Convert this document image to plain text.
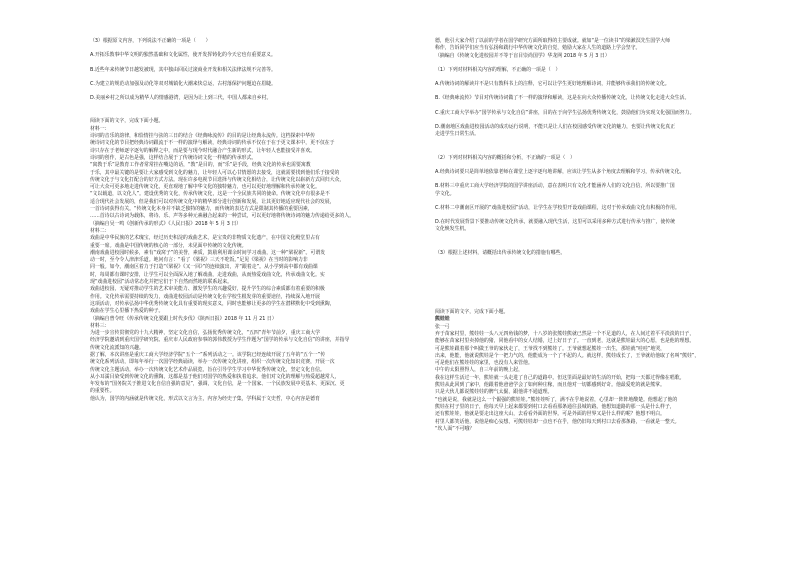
（3）根据原文内容，下列说法不正确的一项是（　　）
A.开拓乐教事中华文明的独然基础和文化属性，使开发挥铸化的今天它也有重要意义。
B.近些年来传统节日越发被现，其中独由回民过滚商业开发和相关法律法规不完善等。
C.为建立的规范动加强及动化等双对城镇化大潮来快总运，古村落保护问题迫在眉睫。
D.美丽乡村之所以成为精华人的情感港湾，是因为让上到三代，中国人都来自乡村。
阅读下面的文字，完成下面小题。
材料一：
诗词的音乐的韵律，和恰情挂与弦的三日的结合《经典咏流传》的目的是让经典永流传。这档探索中华传
统诗词文化的节目把经典诗词跟流于不一样的演绎与解读，经典诗词的传承不仅在于在于更文课本中，更不仅在于
诗只存在于老师逐字逐句的解释之中，而是要与现今时代融合产生新的形式，让年轻人也能接受并喜欢。
诗词的创作，是古色是强，这样结合展于了传统诗词文化一样精的传承形式。
“寓教于乐”是教育工作者常常挂在嘴边的话，“教”是目的，而“乐”是手段，经典文化的传承也需要寓教
于乐，其中最关键的是要让大家感受到文化的魅力，让年轻人可以心甘情愿的去接受，这就需要找到他们乐于接受的
传统文化于与文化打配合的好方式方法。现在许多电视节目选择与传统文化相结合，让传统文化以崭新方式回归大众，
可让大众可更多地走进传统文化，更直观地了解中华文化的独特魅力，也可以更好地理解和传承传统文化。
“文以载道，以文化人”。建设优秀的文化，传承传统文化，这是一个全民族共同的使命。传统文化中有很多是不
适合现代社会发展的，但是我们可以对传统文化中的精华部分进行创新和发展，让其更好地适应现代社会的发展，
一首诗词获得有关。“传统文化本身并不缺乏独特的魅力，而传统的表达方式是限制其传播的重要因素，
……首诗以古诗词为载体，将诗、乐、声等多种元素融合起来的一种尝试，可以更好地将传统诗词的魅力传递给更多的人。
（摘编自吴一鸣《创新传承的形式》《人民日报》2018 年 5 月 3 日）
材料二：
戏曲是中华民族的艺术瑰宝，经过历史积淀的戏曲艺术，是宝贵的非物质文化遗产，在中国文化殿堂里占有
重要一席。戏曲是中国传统的核心的一部分，未见面中传统的文化传统。
潮南戏曲进校园时候多，素有“戏窝子”的美誉，素质，鼓励利用课余时间学习戏曲，这一种“梁祝新”。可谓发
动一时，至今令人津津乐道。地问有言：“看了《梁祝》三天不吃饭。”足见《梁祝》在当时的影响力非
同一般。如今，潮南区着力于打造“《梁祝》《又一回》”的连续演出，并“跟着走”。从小学到高中都有戏曲课
时，每周都有课时安排，让学生可以全面深入地了解戏曲，走进戏曲，从而热爱戏曲文化，传承戏曲文化。实
现“戏曲进校园”活动常态化并把它们于下自然而然地的联系起来。
戏曲进校园，无疑对推动学生的艺术审美能力、激发学生的兴趣爱好，提升学生的综合素质都有着重要的积极
作用。文化传承需要持续的发力，戏曲进校园活动是传统文化在学校生根发芽的重要途径，持续深入地开展
这项活动，对传承弘扬中华优秀传统文化具有重要的现实意义，同时也能够让更多的学生在潜移默化中受到熏陶，
戏曲在学生心里播下热爱的种子。
（摘编自曾令旺《传承传统文化要跟上时代步伐》《陕西日报》2018 年 11 月 21 日）
材料三：
为进一步宣传贯彻党的十九大精神，坚定文化自信，弘扬优秀传统文化，“五四”青年节前夕，重庆工商大学
经济学院邀请到重庆国学研究院、重庆市人民政府参事的郭伟教授为学生作题为“国学的传承与文化自信”的讲座，并指导
传统文化流派知的兴趣。
据了解，本次讲座是重庆工商大学经济学院“五个一”系列活动之一。该学院已经连续开展了五年的“五个一”传
统文化系列活动，即每年举行一次国学经典诵读，举办一次传统文化讲座，组织一次传统文化知识竞赛，开展一次
传统文化主题活动，举办一次传统文化艺术作品展览，旨在引导学生学习中华优秀传统文化，坚定文化自信。
从小耳濡目染受到传统文化的熏陶，这都是基于他们对国学的热爱和执着追求。他们对文化的理解与热爱超越常人，
年发布的“国务院关于推进文化自信自强的意见”，强调，文化自信，是一个国家、一个民族发展中更基本、更深沉、更
的重要性。
他认为，国学的内涵就是传统文化，形式以文言为主，内容为经史子集，学科属于文史哲，中心内容是德育
德，他引大家介绍了以前的学者在国学研究方面所取得的主要成就。就如“是一位读书”的梁漱溟先生国学大师
称作，告诉同学们应当有弘扬和践行中华传统文化的自觉，勉励大家在人生的道路上学会坚守。
（摘编自《传统文化进校园并不等于盲目崇尚国学》华龙网 2018 年 5 月 3 日）
（1）下列对材料相关内容的理解，不正确的一项是（　）
A.传统诗词的解读并不是只有教科书上的注释，它可以让学生更好地理解诗词，并能够传承我们的传统文化。
B.《经典咏流传》节目对传统诗词做了不一样的演绎和解读，这是在向大众传播传统文化，让传统文化走进大众生活。
C.重庆工商大学举办“国学传承与文化自信”讲座，目的在于向学生弘扬优秀传统文化，鼓励他们为实现文化强国而努力。
D.潮南地区戏曲进校园活动的成功运行说明，不能只是让人们在校园感受传统文化的魅力，也要让传统文化真正
走进学生日常生活。
（2）下列对材料相关内容的概括和分析，不正确的一项是（　）
A.经典诗词要只是简单地依靠老师在课堂上逐字逐句地讲解，应该让学生从多个角度去理解和学习，传承传统文化。
B.材料三中重庆工商大学经济学院的国学讲座活动，意在表明只有文化才能涵养人们的文化自信，所以要推广国
学文化。
C.材料二中潮南区开展的“戏曲进校园”活动，让学生在学校里开设戏曲课程，这对于传承戏曲文化有积极的作用。
D.在时代发展背景下要推动传统文化传承，就要融入现代生活，这里可以采用多种方式进行传承与推广，使传统
文化焕发生机。
（3）根据上述材料，请概括出传承传统文化的措施有哪些。
阅读下面的文字，完成下面小题。
熊娃娃
张一弓
弃于苗家村里，熊娃娃一头八元四角钱的梦，十八岁的张熊娃熊就已然是一个不足道的人，在人间过着平平淡淡的日子，
能够在苗家村里卖掉他的猪，同他看中的女人结婚，过上好日子了。一直到老，这就是熊娃最大的心愿，也是他的理想。
可是熊娃跟着那个叫做王爷的家伙走了，王爷找不到熊娃了。王爷就想起熊娃一出生，那娃就“哇哇”地哭，
出来，他能，他就说熊娃是个一把力气的，他能成为一个了不起的人。就这样，熊娃成长了，王爷就给他取了名叫“熊娃”，
可是他们在熊娃娃的家里，也没有人来管他。
中午的太阳照得人，自三年前的晚上起，
我在这样生活过一年，熊娃就一头走进了自己的道路中。但这里面是最好的生活的开始，把每一天都过得像在唱歌。
熊娃从此回到了家中，他跟着他爸爸学会了如何种庄稼，而且他对一切都感到好奇。他最爱吃的就是熊掌。
只是大伙儿都说熊娃娃的脾气太倔，跟他讲不通道理。
“也就是说，我就是这么一个倔强的熊娃娃。”熊娃娃听了，满不在乎地说着，心里却一阵阵地酸楚。他想起了他的
熊娃在村子里的日子，他每天早上起来都要到村口去看看那条通往县城的路。他想知道路的那一头是什么样子，
还有熊娃娃，他就是要走出这座大山，去看看外面的世界。可是外面的世界又是什么样的呢？他想不明白。
村里人都笑话他，说他是痴心妄想，可熊娃娃却一点也不在乎，他仍旧每天到村口去看那条路，一看就是一整天。
“坎人面”不可哦？
